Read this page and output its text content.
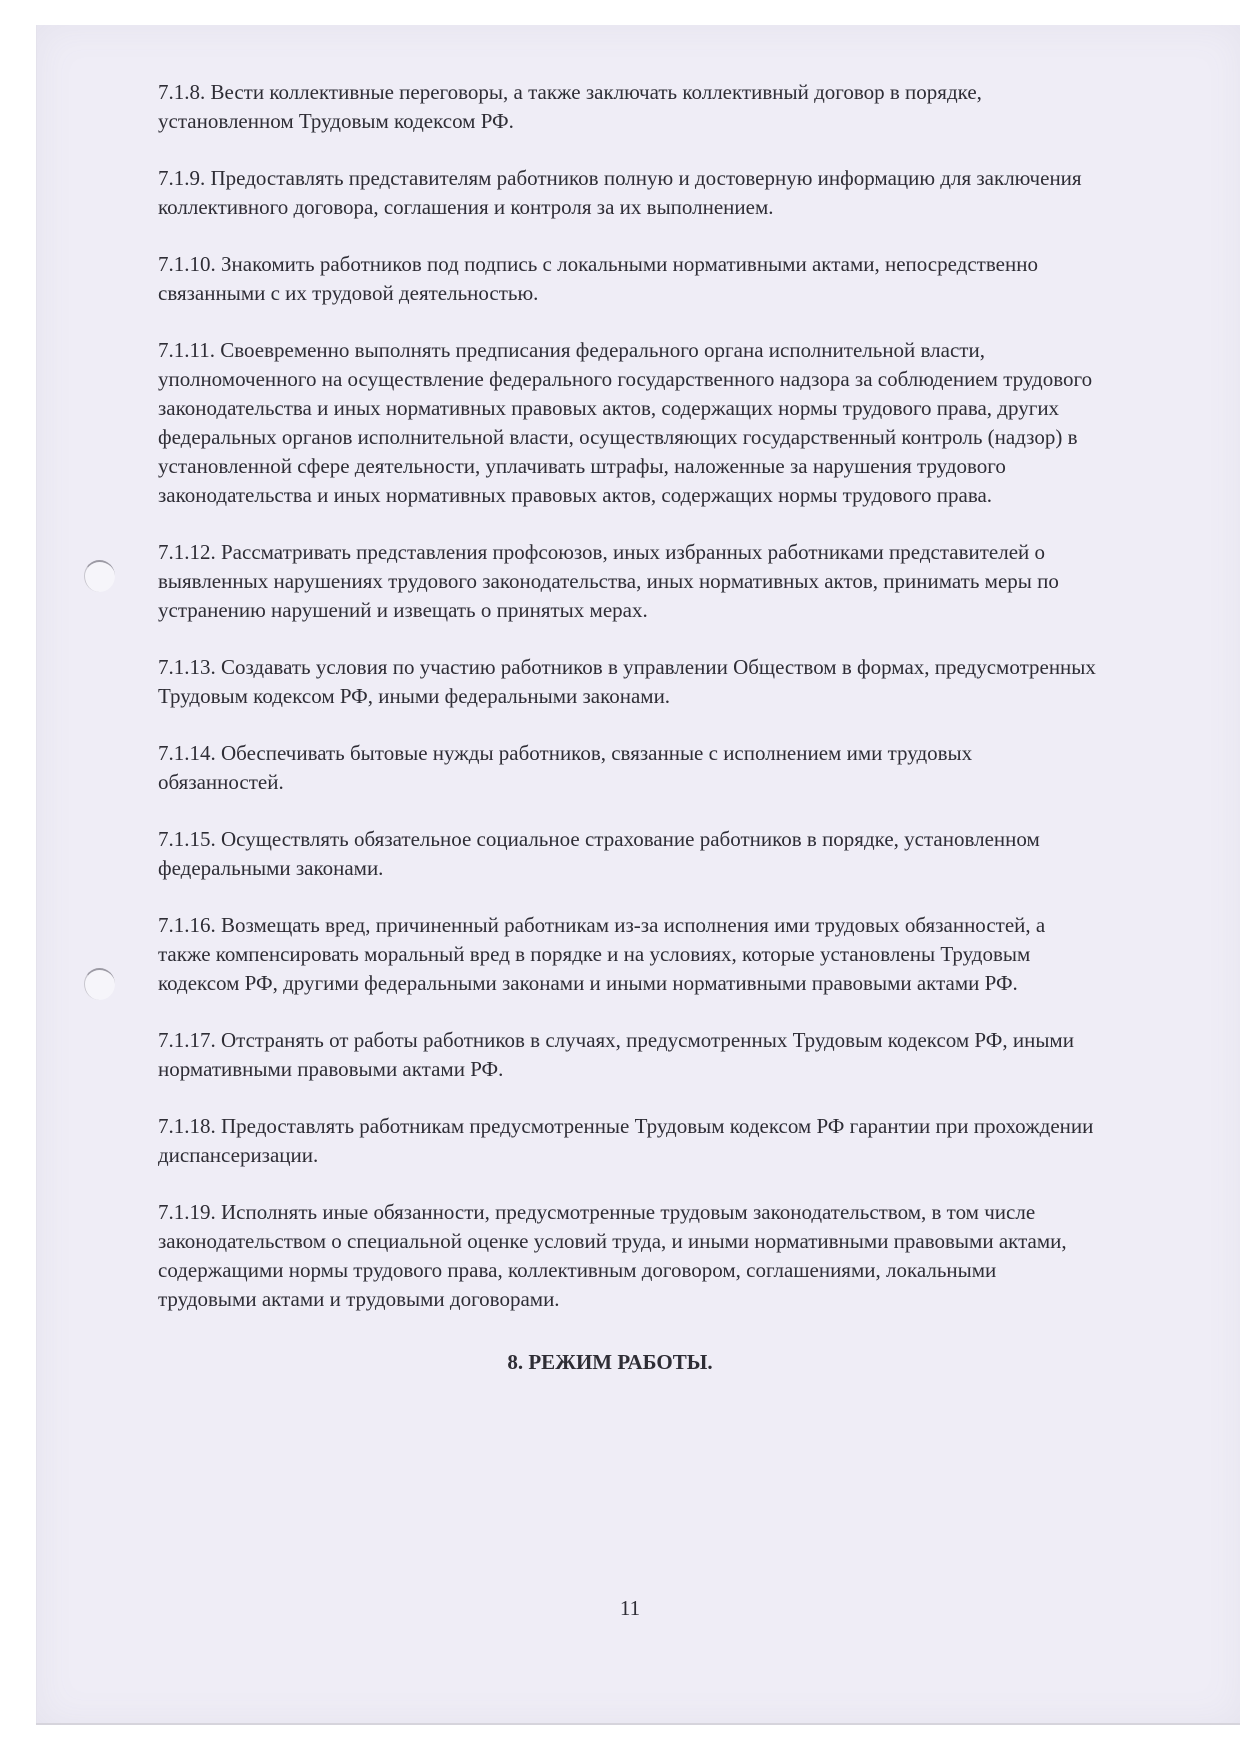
7.1.8. Вести коллективные переговоры, а также заключать коллективный договор в порядке, установленном Трудовым кодексом РФ.

7.1.9. Предоставлять представителям работников полную и достоверную информацию для заключения коллективного договора, соглашения и контроля за их выполнением.

7.1.10. Знакомить работников под подпись с локальными нормативными актами, непосредственно связанными с их трудовой деятельностью.

7.1.11. Своевременно выполнять предписания федерального органа исполнительной власти, уполномоченного на осуществление федерального государственного надзора за соблюдением трудового законодательства и иных нормативных правовых актов, содержащих нормы трудового права, других федеральных органов исполнительной власти, осуществляющих государственный контроль (надзор) в установленной сфере деятельности, уплачивать штрафы, наложенные за нарушения трудового законодательства и иных нормативных правовых актов, содержащих нормы трудового права.

7.1.12. Рассматривать представления профсоюзов, иных избранных работниками представителей о выявленных нарушениях трудового законодательства, иных нормативных актов, принимать меры по устранению нарушений и извещать о принятых мерах.

7.1.13. Создавать условия по участию работников в управлении Обществом в формах, предусмотренных Трудовым кодексом РФ, иными федеральными законами.

7.1.14. Обеспечивать бытовые нужды работников, связанные с исполнением ими трудовых обязанностей.

7.1.15. Осуществлять обязательное социальное страхование работников в порядке, установленном федеральными законами.

7.1.16. Возмещать вред, причиненный работникам из-за исполнения ими трудовых обязанностей, а также компенсировать моральный вред в порядке и на условиях, которые установлены Трудовым кодексом РФ, другими федеральными законами и иными нормативными правовыми актами РФ.

7.1.17. Отстранять от работы работников в случаях, предусмотренных Трудовым кодексом РФ, иными нормативными правовыми актами РФ.

7.1.18. Предоставлять работникам предусмотренные Трудовым кодексом РФ гарантии при прохождении диспансеризации.

7.1.19. Исполнять иные обязанности, предусмотренные трудовым законодательством, в том числе законодательством о специальной оценке условий труда, и иными нормативными правовыми актами, содержащими нормы трудового права, коллективным договором, соглашениями, локальными трудовыми актами и трудовыми договорами.

8. РЕЖИМ РАБОТЫ.

11
